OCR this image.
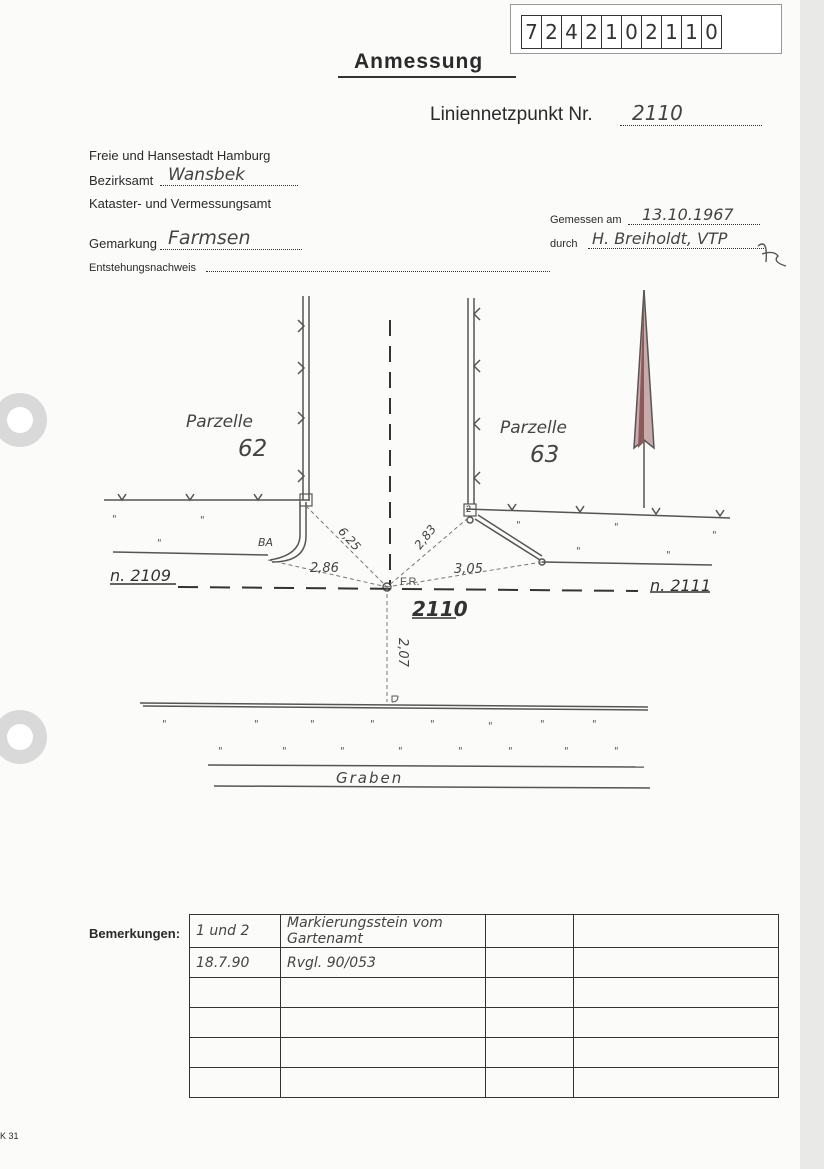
7 2 4 2 1 0 2 1 1 0
Anmessung
Liniennetzpunkt Nr.	2110
Freie und Hansestadt Hamburg
Bezirksamt Wansbek
Kataster- und Vermessungsamt
Gemarkung Farmsen
Entstehungsnachweis
Gemessen am	13.10.1967
durch H. Breiholdt, VTP
"	"
"
"	"
"	"
"
"	"	"	"	"	"	"	"
"	"	"	"	"	"	"	"
Parzelle
62
Parzelle
63
2
BA	6,25	2,83
2,86	3,05
2,07
F.R.
2110
n. 2109
n. 2111
Graben
Bemerkungen: 1 und 2	Markierungsstein vom Gartenamt		
18.7.90	Rvgl. 90/053		

K 31
